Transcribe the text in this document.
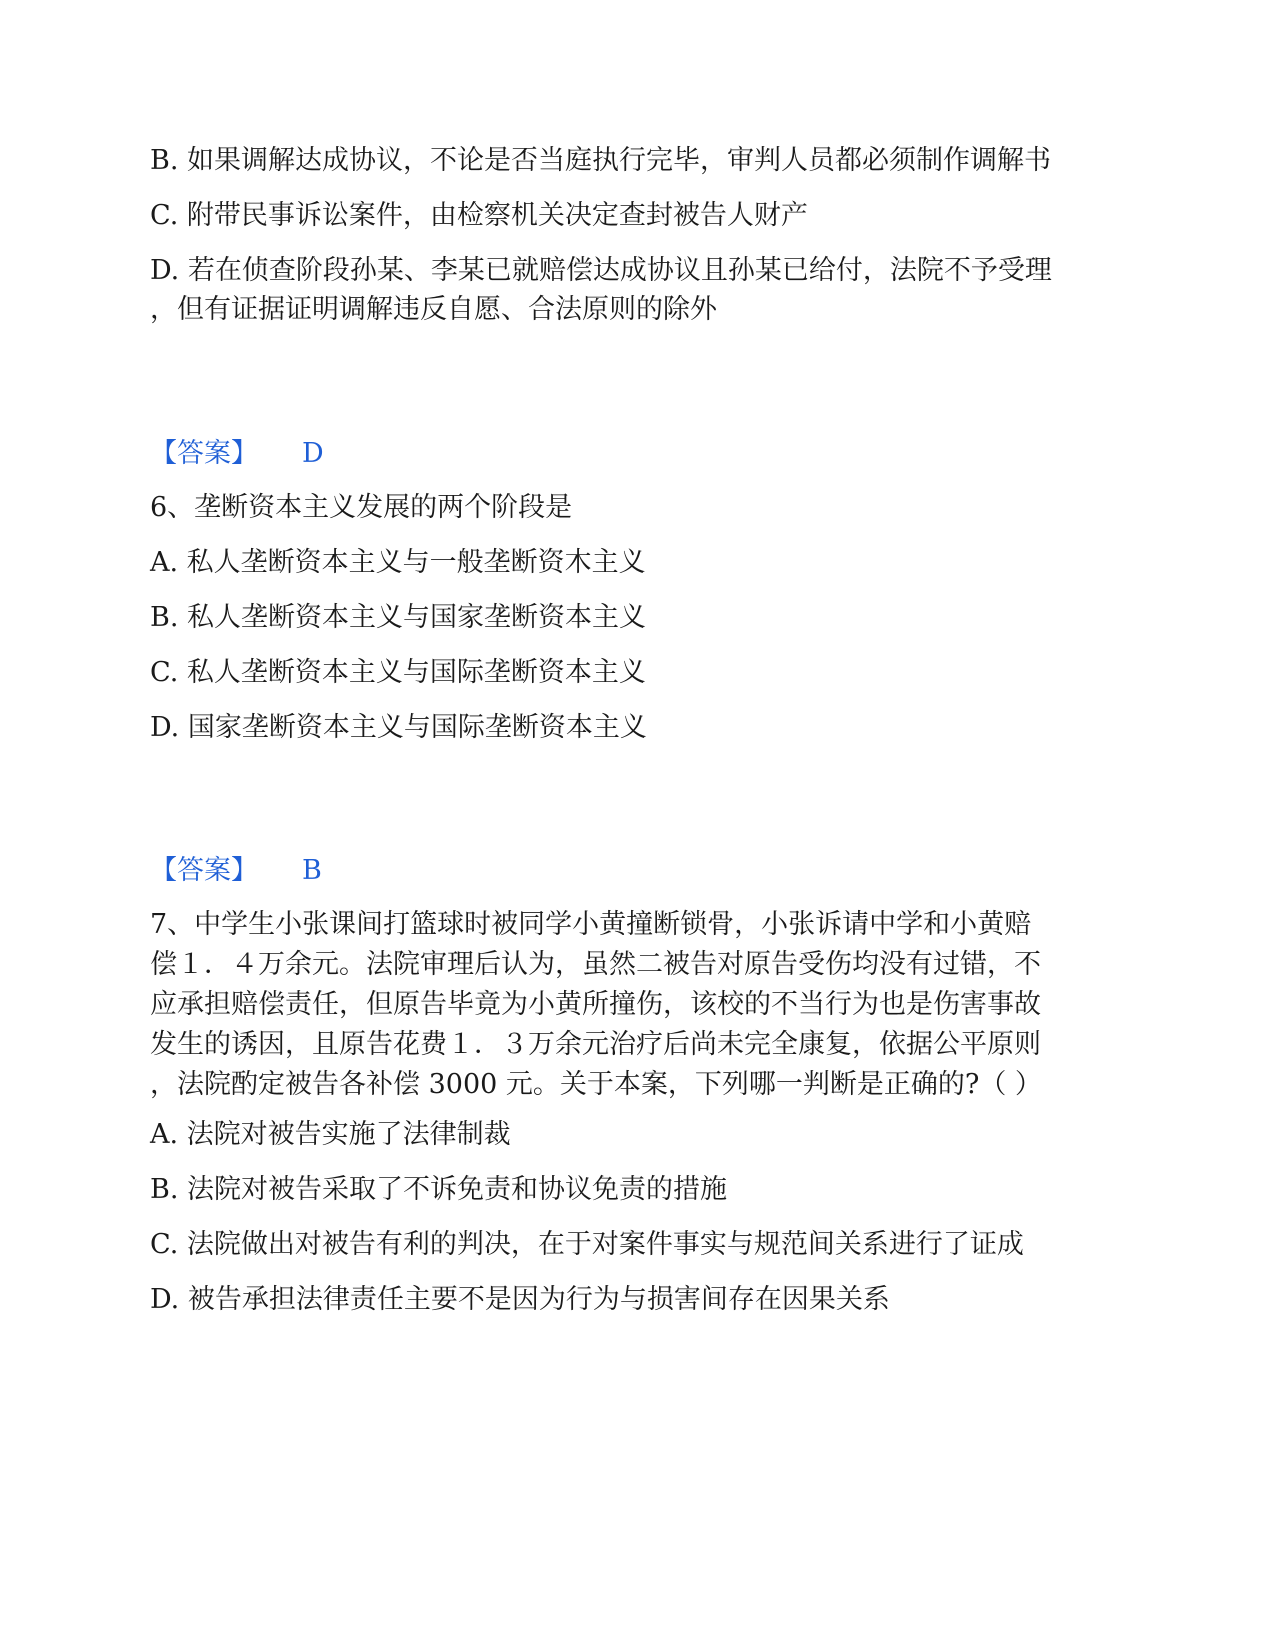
B. 如果调解达成协议，不论是否当庭执行完毕，审判人员都必须制作调解书
C. 附带民事诉讼案件，由检察机关决定查封被告人财产
D. 若在侦查阶段孙某、李某已就赔偿达成协议且孙某已给付，法院不予受理
，但有证据证明调解违反自愿、合法原则的除外
【答案】 D
6、垄断资本主义发展的两个阶段是
A. 私人垄断资本主义与一般垄断资木主义
B. 私人垄断资本主义与国家垄断资本主义
C. 私人垄断资本主义与国际垄断资本主义
D. 国家垄断资本主义与国际垄断资本主义
【答案】 B
7、中学生小张课间打篮球时被同学小黄撞断锁骨，小张诉请中学和小黄赔
偿１．４万余元。法院审理后认为，虽然二被告对原告受伤均没有过错，不
应承担赔偿责任，但原告毕竟为小黄所撞伤，该校的不当行为也是伤害事故
发生的诱因，且原告花费１．３万余元治疗后尚未完全康复，依据公平原则
，法院酌定被告各补偿 3000 元。关于本案，下列哪一判断是正确的?（ ）
A. 法院对被告实施了法律制裁
B. 法院对被告采取了不诉免责和协议免责的措施
C. 法院做出对被告有利的判决，在于对案件事实与规范间关系进行了证成
D. 被告承担法律责任主要不是因为行为与损害间存在因果关系
